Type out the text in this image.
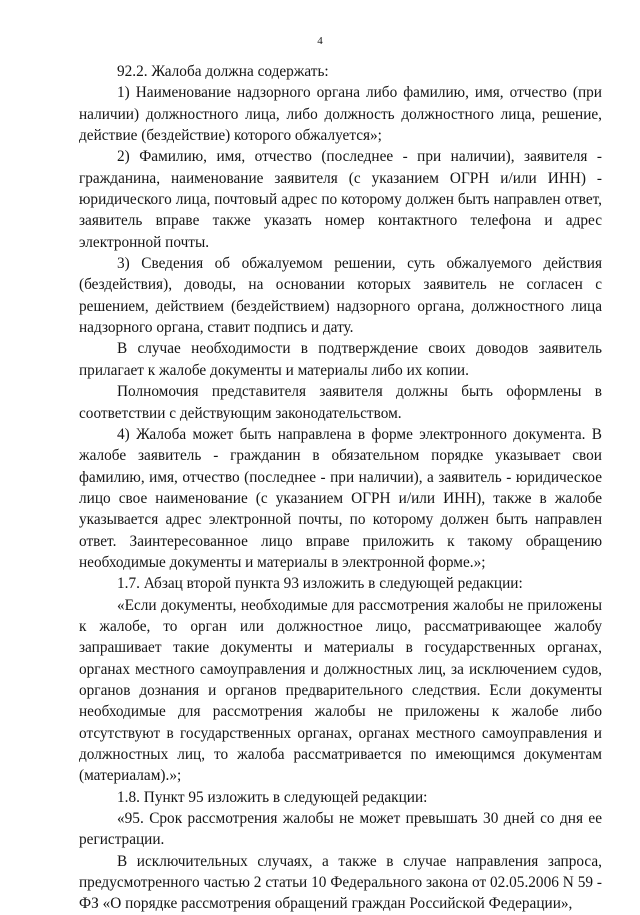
4

92.2. Жалоба должна содержать:

1) Наименование надзорного органа либо фамилию, имя, отчество (при наличии) должностного лица, либо должность должностного лица, решение, действие (бездействие) которого обжалуется»;

2) Фамилию, имя, отчество (последнее - при наличии), заявителя - гражданина, наименование заявителя (с указанием ОГРН и/или ИНН) - юридического лица, почтовый адрес по которому должен быть направлен ответ, заявитель вправе также указать номер контактного телефона и адрес электронной почты.

3) Сведения об обжалуемом решении, суть обжалуемого действия (бездействия), доводы, на основании которых заявитель не согласен с решением, действием (бездействием) надзорного органа, должностного лица надзорного органа, ставит подпись и дату.

В случае необходимости в подтверждение своих доводов заявитель прилагает к жалобе документы и материалы либо их копии.

Полномочия представителя заявителя должны быть оформлены в соответствии с действующим законодательством.

4) Жалоба может быть направлена в форме электронного документа. В жалобе заявитель - гражданин в обязательном порядке указывает свои фамилию, имя, отчество (последнее - при наличии), а заявитель - юридическое лицо свое наименование (с указанием ОГРН и/или ИНН), также в жалобе указывается адрес электронной почты, по которому должен быть направлен ответ. Заинтересованное лицо вправе приложить к такому обращению необходимые документы и материалы в электронной форме.»;

1.7. Абзац второй пункта 93 изложить в следующей редакции:

«Если документы, необходимые для рассмотрения жалобы не приложены к жалобе, то орган или должностное лицо, рассматривающее жалобу запрашивает такие документы и материалы в государственных органах, органах местного самоуправления и должностных лиц, за исключением судов, органов дознания и органов предварительного следствия. Если документы необходимые для рассмотрения жалобы не приложены к жалобе либо отсутствуют в государственных органах, органах местного самоуправления и должностных лиц, то жалоба рассматривается по имеющимся документам (материалам).»;

1.8. Пункт 95 изложить в следующей редакции:

«95. Срок рассмотрения жалобы не может превышать 30 дней со дня ее регистрации.

В исключительных случаях, а также в случае направления запроса, предусмотренного частью 2 статьи 10 Федерального закона от 02.05.2006 N 59 - ФЗ «О порядке рассмотрения обращений граждан Российской Федерации»,
